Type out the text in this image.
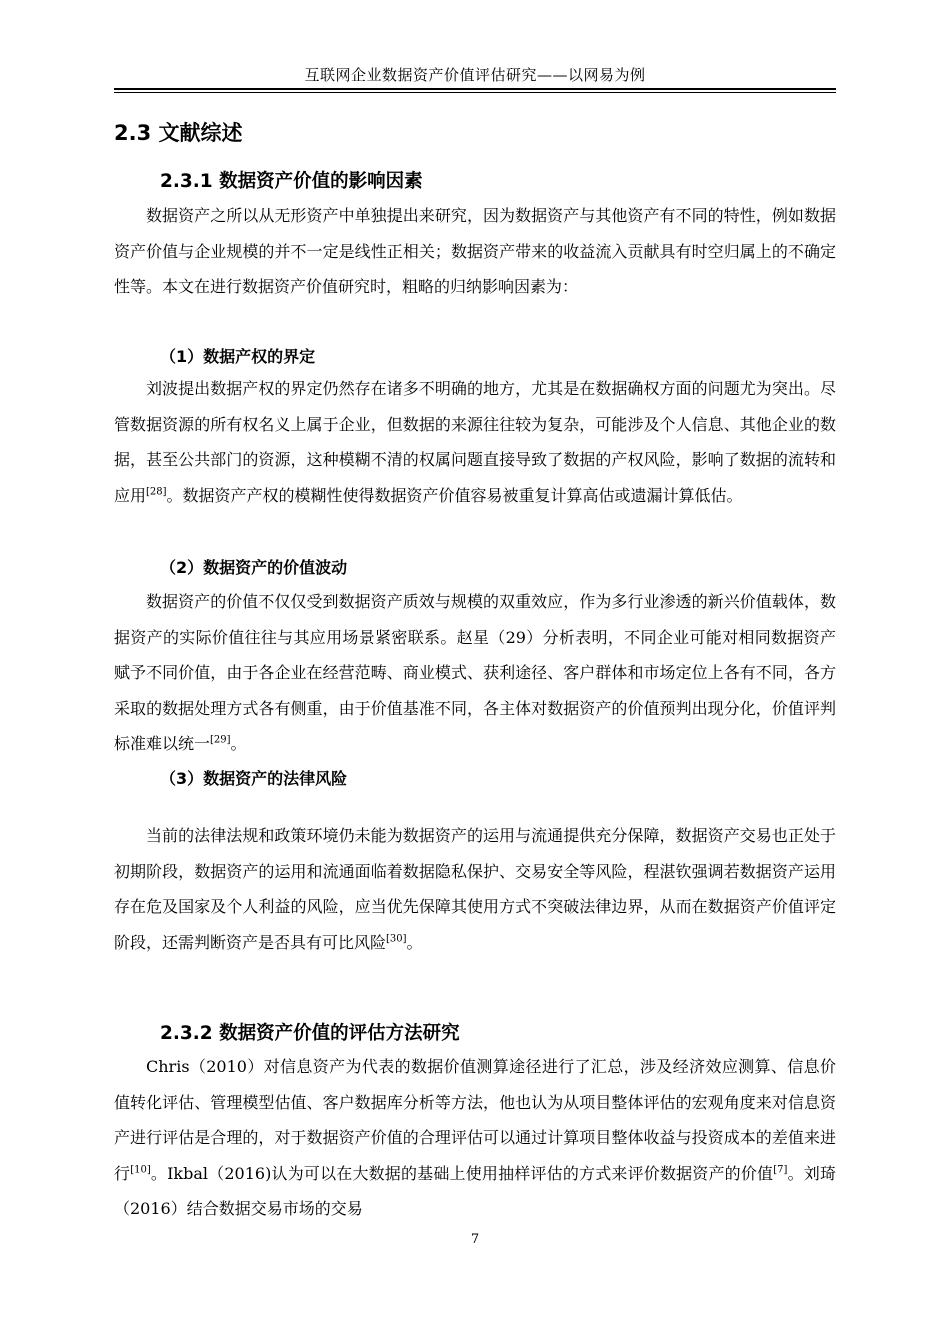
互联网企业数据资产价值评估研究——以网易为例
2.3 文献综述
2.3.1 数据资产价值的影响因素

数据资产之所以从无形资产中单独提出来研究，因为数据资产与其他资产有不同的特性，例如数据资产价值与企业规模的并不一定是线性正相关；数据资产带来的收益流入贡献具有时空归属上的不确定性等。本文在进行数据资产价值研究时，粗略的归纳影响因素为：

（1）数据产权的界定

刘波提出数据产权的界定仍然存在诸多不明确的地方，尤其是在数据确权方面的问题尤为突出。尽管数据资源的所有权名义上属于企业，但数据的来源往往较为复杂，可能涉及个人信息、其他企业的数据，甚至公共部门的资源，这种模糊不清的权属问题直接导致了数据的产权风险，影响了数据的流转和应用[28]。数据资产产权的模糊性使得数据资产价值容易被重复计算高估或遗漏计算低估。

（2）数据资产的价值波动

数据资产的价值不仅仅受到数据资产质效与规模的双重效应，作为多行业渗透的新兴价值载体，数据资产的实际价值往往与其应用场景紧密联系。赵星（29）分析表明，不同企业可能对相同数据资产赋予不同价值，由于各企业在经营范畴、商业模式、获利途径、客户群体和市场定位上各有不同，各方采取的数据处理方式各有侧重，由于价值基准不同，各主体对数据资产的价值预判出现分化，价值评判标准难以统一[29]。

（3）数据资产的法律风险

当前的法律法规和政策环境仍未能为数据资产的运用与流通提供充分保障，数据资产交易也正处于初期阶段，数据资产的运用和流通面临着数据隐私保护、交易安全等风险，程湛钦强调若数据资产运用存在危及国家及个人利益的风险，应当优先保障其使用方式不突破法律边界，从而在数据资产价值评定阶段，还需判断资产是否具有可比风险[30]。

2.3.2 数据资产价值的评估方法研究

Chris（2010）对信息资产为代表的数据价值测算途径进行了汇总，涉及经济效应测算、信息价值转化评估、管理模型估值、客户数据库分析等方法，他也认为从项目整体评估的宏观角度来对信息资产进行评估是合理的，对于数据资产价值的合理评估可以通过计算项目整体收益与投资成本的差值来进行[10]。Ikbal（2016)认为可以在大数据的基础上使用抽样评估的方式来评价数据资产的价值[7]。刘琦（2016）结合数据交易市场的交易

7
